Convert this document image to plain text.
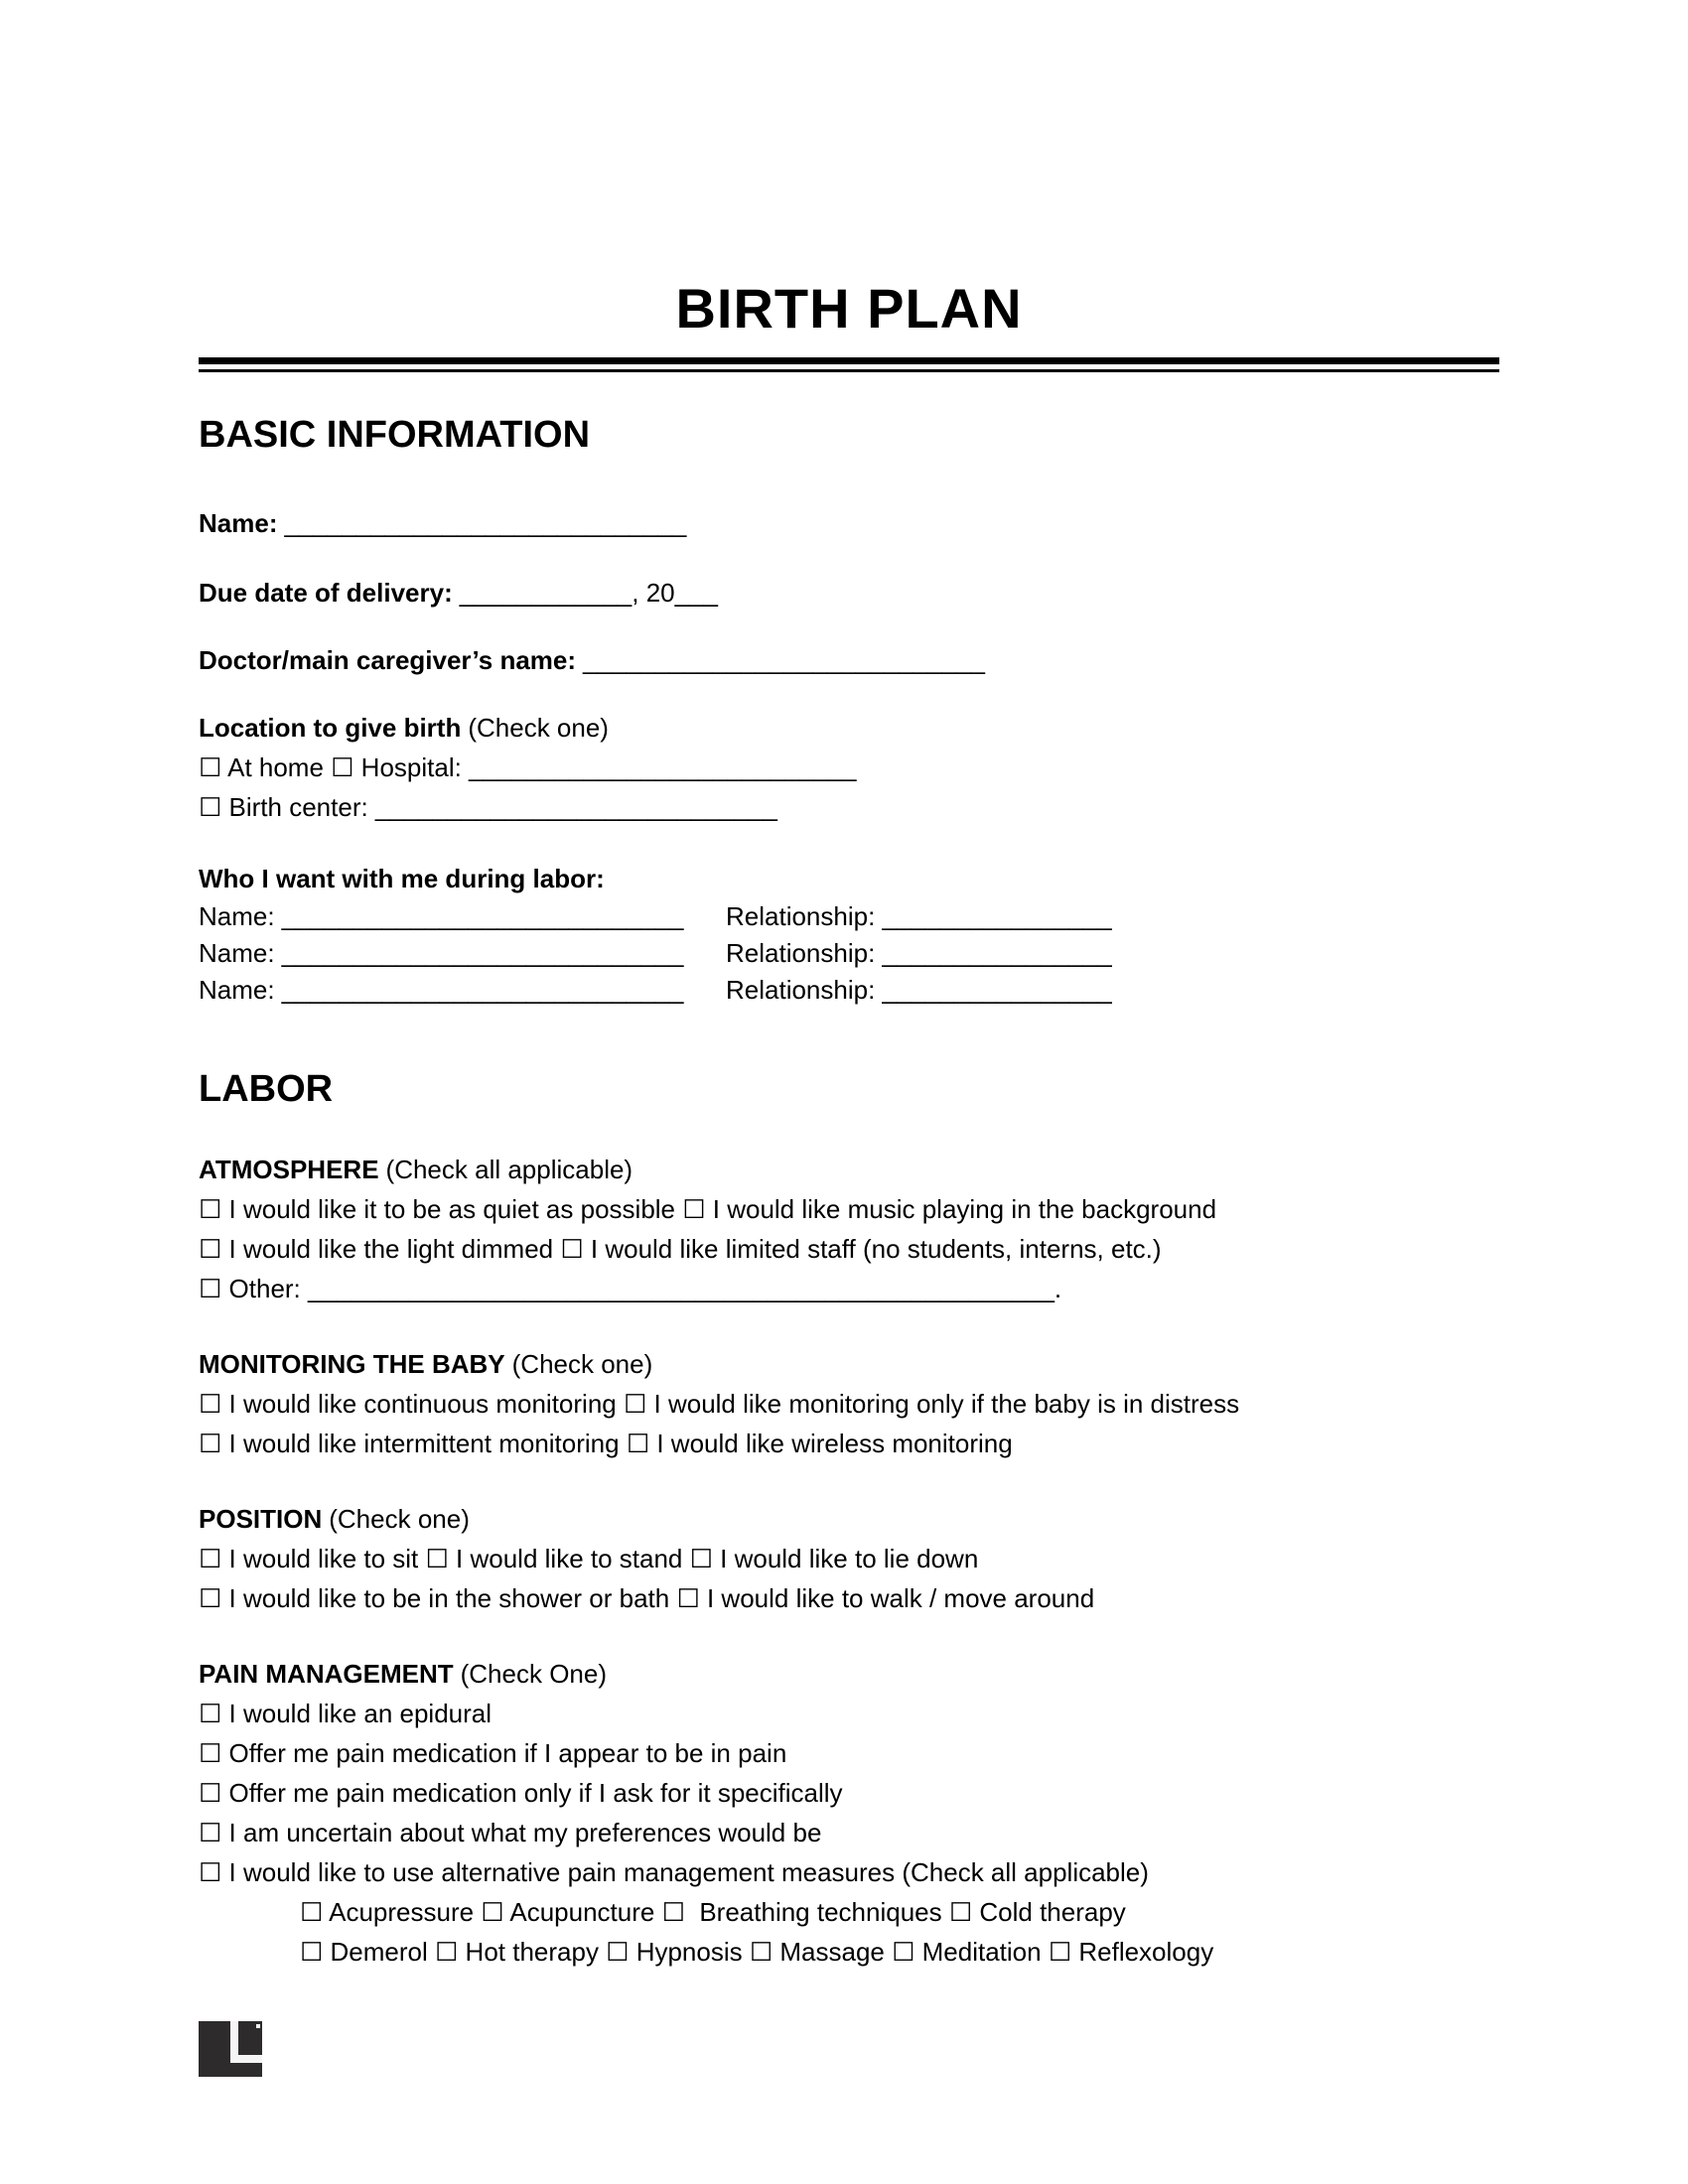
BIRTH PLAN
BASIC INFORMATION

Name: ____________________________

Due date of delivery: ____________, 20___

Doctor/main caregiver’s name: ____________________________

Location to give birth (Check one)

☐ At home ☐ Hospital: ___________________________

☐ Birth center: ____________________________

Who I want with me during labor:

Name: ____________________________ Relationship: ________________

Name: ____________________________ Relationship: ________________

Name: ____________________________ Relationship: ________________

LABOR

ATMOSPHERE (Check all applicable)

☐ I would like it to be as quiet as possible ☐ I would like music playing in the background

☐ I would like the light dimmed ☐ I would like limited staff (no students, interns, etc.)

☐ Other: ____________________________________________________.

MONITORING THE BABY (Check one)

☐ I would like continuous monitoring ☐ I would like monitoring only if the baby is in distress

☐ I would like intermittent monitoring ☐ I would like wireless monitoring

POSITION (Check one)

☐ I would like to sit ☐ I would like to stand ☐ I would like to lie down

☐ I would like to be in the shower or bath ☐ I would like to walk / move around

PAIN MANAGEMENT (Check One)

☐ I would like an epidural

☐ Offer me pain medication if I appear to be in pain

☐ Offer me pain medication only if I ask for it specifically

☐ I am uncertain about what my preferences would be

☐ I would like to use alternative pain management measures (Check all applicable)

☐ Acupressure ☐ Acupuncture ☐  Breathing techniques ☐ Cold therapy

☐ Demerol ☐ Hot therapy ☐ Hypnosis ☐ Massage ☐ Meditation ☐ Reflexology
